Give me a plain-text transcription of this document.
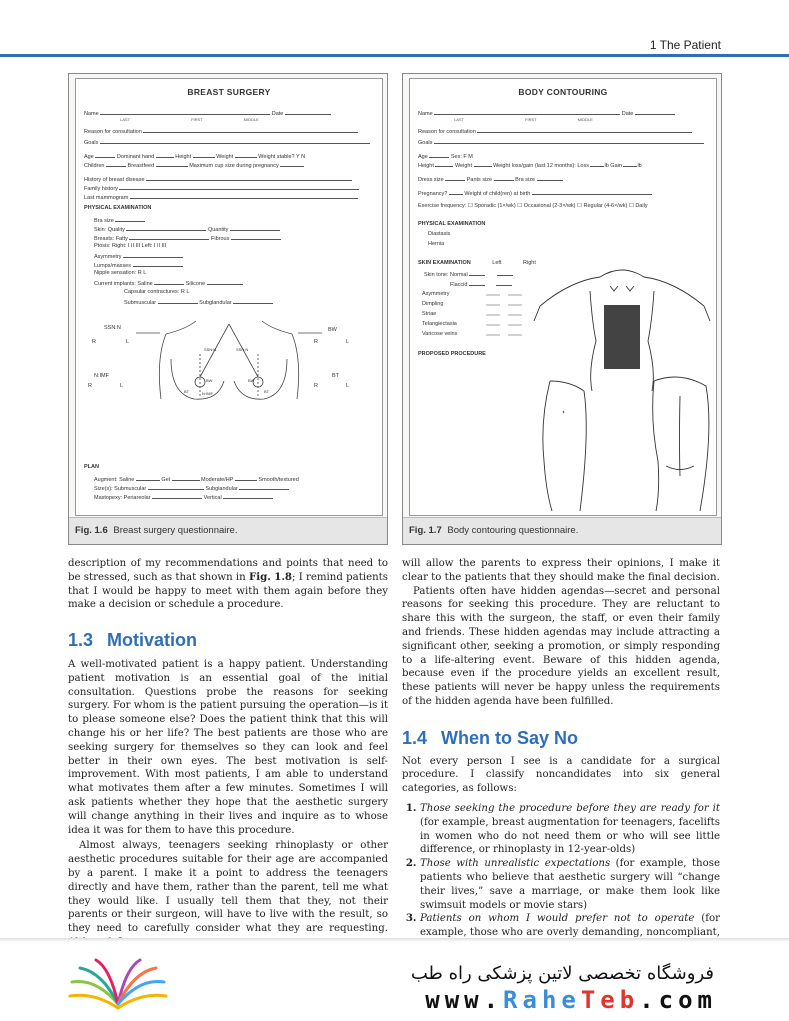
1 The Patient
BREAST SURGERY
Name	Date
LAST	FIRST	MIDDLE
Reason for consultation
Goals
Age	Dominant hand	Height	Weight	Weight stable? Y N
Children	Breastfeed	Maximum cup size during pregnancy
History of breast disease
Family history
Last mammogram
PHYSICAL EXAMINATION
Bra size
Skin: Quality	Quantity
Breasts: Fatty	Fibrous
Ptosis: Right: I II III Left: I II III
Asymmetry
Lumps/masses
Nipple sensation: R L
Current implants: Saline	Silicone
Capsular contractures: R L
Submuscular	Subglandular
SSN:N	BW
R	L	R	L
N:IMF	BT
R	L	R	L
SSN:N	SSN:N
BW	BW
BT	BT
N:IMF
PLAN
Augment: Saline	Gel	Moderate/HP	Smooth/textured
Size(s): Submuscular	Subglandular
Mastopexy: Periareolar	Vertical
Fig. 1.6 Breast surgery questionnaire.
BODY CONTOURING
Name	Date
LAST	FIRST	MIDDLE
Reason for consultation
Goals
Age	Sex: F M
Height	Weight	Weight loss/gain (last 12 months): Loss	lb Gain	lb
Dress size	Pants size	Bra size
Pregnancy?	Weight of child(ren) at birth
Exercise frequency: ☐ Sporadic (1×/wk) ☐ Occasional (2-3×/wk) ☐ Regular (4-6×/wk) ☐ Daily
PHYSICAL EXAMINATION
Diastasis
Hernia
SKIN EXAMINATION	Left	Right
Skin tone: Normal
Flaccid
Asymmetry
Dimpling
Striae
Telangiectasia
Varicose veins
PROPOSED PROCEDURE
Fig. 1.7 Body contouring questionnaire.

description of my recommendations and points that need to be stressed, such as that shown in Fig. 1.8; I remind patients that I would be happy to meet with them again before they make a decision or schedule a procedure.

1.3 Motivation

A well-motivated patient is a happy patient. Understanding patient motivation is an essential goal of the initial consultation. Questions probe the reasons for seeking surgery. For whom is the patient pursuing the operation—is it to please someone else? Does the patient think that this will change his or her life? The best patients are those who are seeking surgery for themselves so they can look and feel better in their own eyes. The best motivation is self-improvement. With most patients, I am able to understand what motivates them after a few minutes. Sometimes I will ask patients whether they hope that the aesthetic surgery will change anything in their lives and inquire as to whose idea it was for them to have this procedure.

Almost always, teenagers seeking rhinoplasty or other aesthetic procedures suitable for their age are accompanied by a parent. I make it a point to address the teenagers directly and have them, rather than the parent, tell me what they would like. I usually tell them that they, not their parents or their surgeon, will have to live with the result, so they need to carefully consider what they are requesting.

will allow the parents to express their opinions, I make it clear to the patients that they should make the final decision.

Patients often have hidden agendas—secret and personal reasons for seeking this procedure. They are reluctant to share this with the surgeon, the staff, or even their family and friends. These hidden agendas may include attracting a significant other, seeking a promotion, or simply responding to a life-altering event. Beware of this hidden agenda, because even if the procedure yields an excellent result, these patients will never be happy unless the requirements of the hidden agenda have been fulfilled.

1.4 When to Say No

Not every person I see is a candidate for a surgical procedure. I classify noncandidates into six general categories, as follows:

1. Those seeking the procedure before they are ready for it (for example, breast augmentation for teenagers, facelifts in women who do not need them or who will see little difference, or rhinoplasty in 12-year-olds)
2. Those with unrealistic expectations (for example, those patients who believe that aesthetic surgery will “change their lives,” save a marriage, or make them look like swimsuit models or movie stars)
3. Patients on whom I would prefer not to operate (for example, those who are overly demanding, noncompliant,
فروشگاه تخصصی لاتین پزشکی راه طب
www.RaheTeb.com
